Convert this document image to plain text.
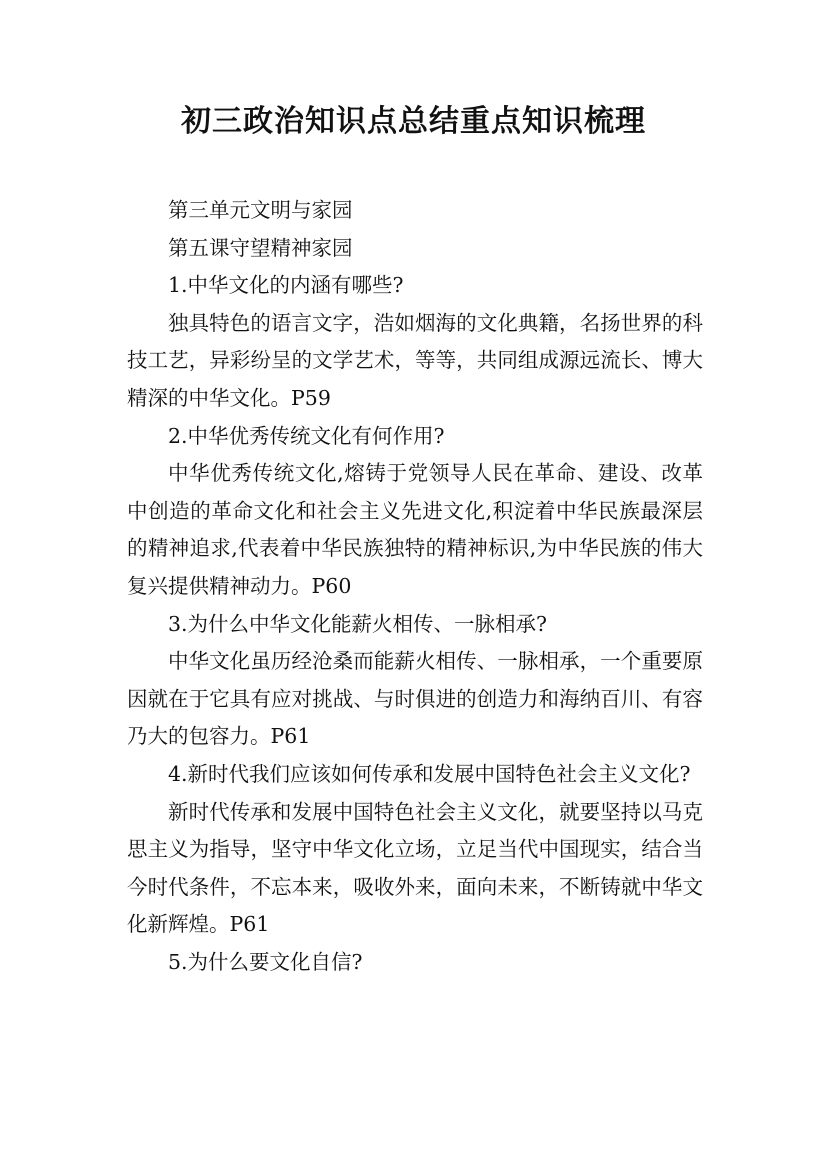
初三政治知识点总结重点知识梳理

第三单元文明与家园

第五课守望精神家园

1.中华文化的内涵有哪些?

独具特色的语言文字，浩如烟海的文化典籍，名扬世界的科技工艺，异彩纷呈的文学艺术，等等，共同组成源远流长、博大精深的中华文化。P59

2.中华优秀传统文化有何作用?

中华优秀传统文化,熔铸于党领导人民在革命、建设、改革中创造的革命文化和社会主义先进文化,积淀着中华民族最深层的精神追求,代表着中华民族独特的精神标识,为中华民族的伟大复兴提供精神动力。P60

3.为什么中华文化能薪火相传、一脉相承?

中华文化虽历经沧桑而能薪火相传、一脉相承，一个重要原因就在于它具有应对挑战、与时俱进的创造力和海纳百川、有容乃大的包容力。P61

4.新时代我们应该如何传承和发展中国特色社会主义文化?

新时代传承和发展中国特色社会主义文化，就要坚持以马克思主义为指导，坚守中华文化立场，立足当代中国现实，结合当今时代条件，不忘本来，吸收外来，面向未来，不断铸就中华文化新辉煌。P61

5.为什么要文化自信?
